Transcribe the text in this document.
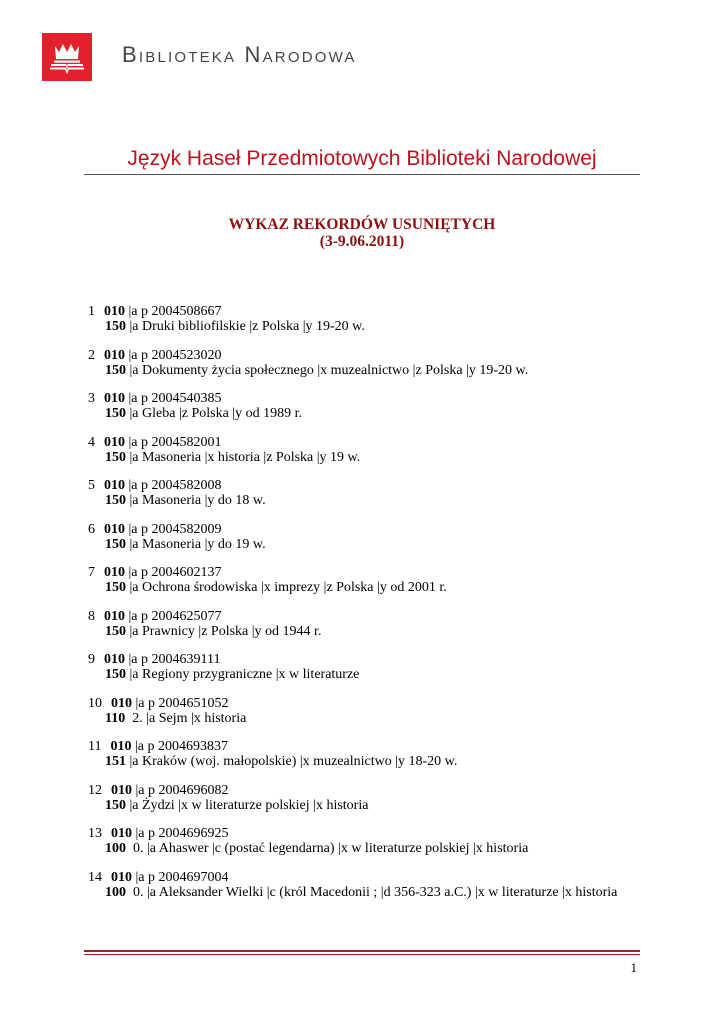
Biblioteka Narodowa
Język Haseł Przedmiotowych Biblioteki Narodowej
WYKAZ REKORDÓW USUNIĘTYCH
(3-9.06.2011)
1 010 |a p 2004508667
150 |a Druki bibliofilskie |z Polska |y 19-20 w.
2 010 |a p 2004523020
150 |a Dokumenty życia społecznego |x muzealnictwo |z Polska |y 19-20 w.
3 010 |a p 2004540385
150 |a Gleba |z Polska |y od 1989 r.
4 010 |a p 2004582001
150 |a Masoneria |x historia |z Polska |y 19 w.
5 010 |a p 2004582008
150 |a Masoneria |y do 18 w.
6 010 |a p 2004582009
150 |a Masoneria |y do 19 w.
7 010 |a p 2004602137
150 |a Ochrona środowiska |x imprezy |z Polska |y od 2001 r.
8 010 |a p 2004625077
150 |a Prawnicy |z Polska |y od 1944 r.
9 010 |a p 2004639111
150 |a Regiony przygraniczne |x w literaturze
10 010 |a p 2004651052
110  2. |a Sejm |x historia
11 010 |a p 2004693837
151 |a Kraków (woj. małopolskie) |x muzealnictwo |y 18-20 w.
12 010 |a p 2004696082
150 |a Żydzi |x w literaturze polskiej |x historia
13 010 |a p 2004696925
100  0. |a Ahaswer |c (postać legendarna) |x w literaturze polskiej |x historia
14 010 |a p 2004697004
100  0. |a Aleksander Wielki |c (król Macedonii ; |d 356-323 a.C.) |x w literaturze |x historia
1
